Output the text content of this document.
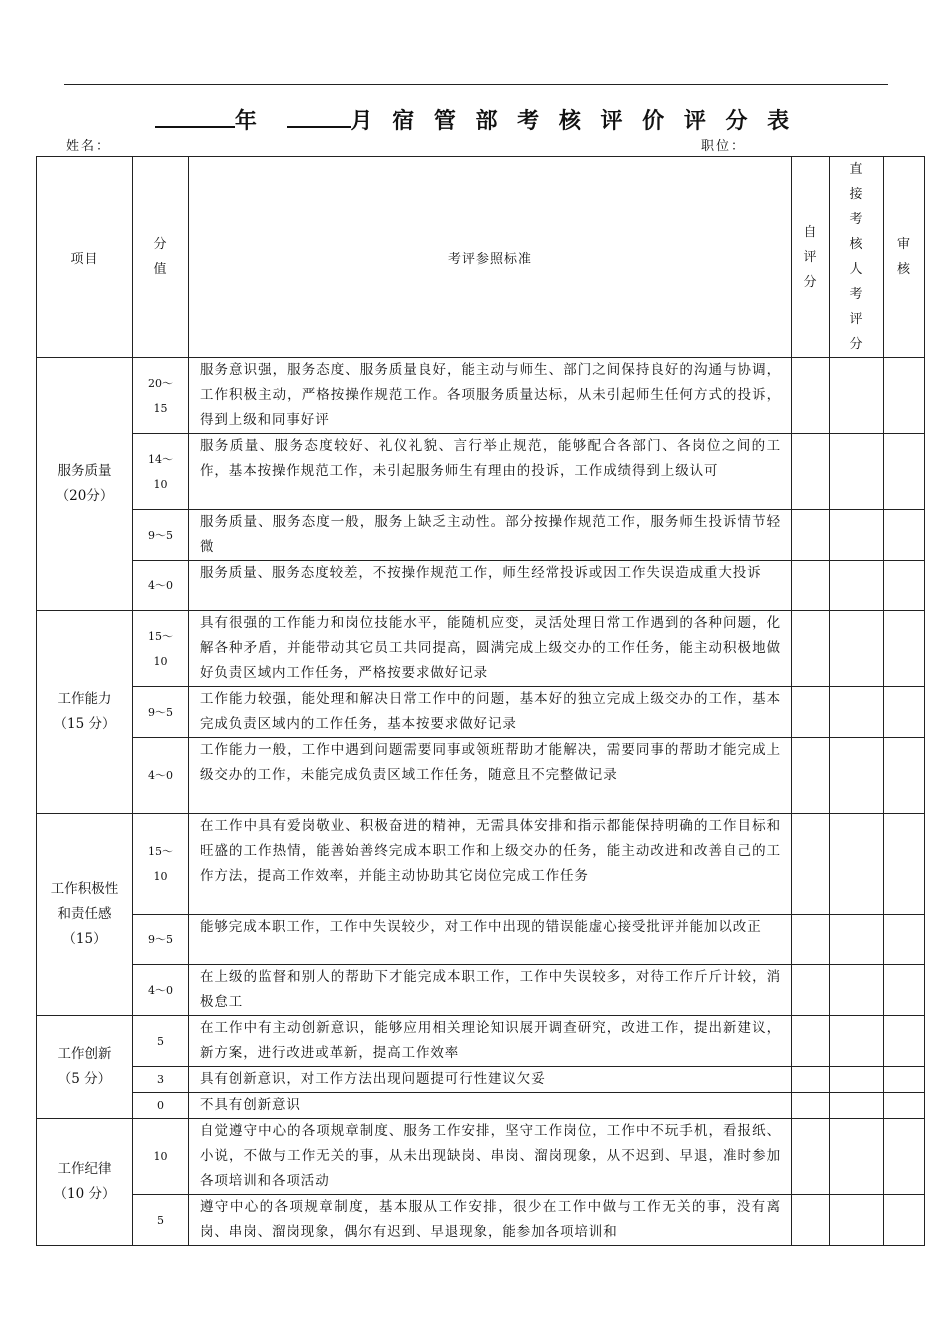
年	月 宿 管 部 考 核 评 价 评 分 表
姓名：	职位：
项目	分值	考评参照标准	自评分	直接考核人考评分	审核

服务质量（20分）	20～15	服务意识强，服务态度、服务质量良好，能主动与师生、部门之间保持良好的沟通与协调，工作积极主动，严格按操作规范工作。各项服务质量达标，从未引起师生任何方式的投诉，得到上级和同事好评			

	14～10	服务质量、服务态度较好、礼仪礼貌、言行举止规范，能够配合各部门、各岗位之间的工作，基本按操作规范工作，未引起服务师生有理由的投诉，工作成绩得到上级认可			

	9～5	服务质量、服务态度一般，服务上缺乏主动性。部分按操作规范工作，服务师生投诉情节轻微			

	4～0	服务质量、服务态度较差，不按操作规范工作，师生经常投诉或因工作失误造成重大投诉			

工作能力（15 分）	15～10	具有很强的工作能力和岗位技能水平，能随机应变，灵活处理日常工作遇到的各种问题，化解各种矛盾，并能带动其它员工共同提高，圆满完成上级交办的工作任务，能主动积极地做好负责区域内工作任务，严格按要求做好记录			

	9～5	工作能力较强，能处理和解决日常工作中的问题，基本好的独立完成上级交办的工作，基本完成负责区域内的工作任务，基本按要求做好记录			

	4～0	工作能力一般，工作中遇到问题需要同事或领班帮助才能解决，需要同事的帮助才能完成上级交办的工作，未能完成负责区域工作任务，随意且不完整做记录			

工作积极性和责任感（15）	15～10	在工作中具有爱岗敬业、积极奋进的精神，无需具体安排和指示都能保持明确的工作目标和旺盛的工作热情，能善始善终完成本职工作和上级交办的任务，能主动改进和改善自己的工作方法，提高工作效率，并能主动协助其它岗位完成工作任务			

	9～5	能够完成本职工作，工作中失误较少，对工作中出现的错误能虚心接受批评并能加以改正			

	4～0	在上级的监督和别人的帮助下才能完成本职工作，工作中失误较多，对待工作斤斤计较，消极怠工			

工作创新（5 分）	5	在工作中有主动创新意识，能够应用相关理论知识展开调查研究，改进工作，提出新建议，新方案，进行改进或革新，提高工作效率			

	3	具有创新意识，对工作方法出现问题提可行性建议欠妥			

	0	不具有创新意识			

工作纪律（10 分）	10	自觉遵守中心的各项规章制度、服务工作安排，坚守工作岗位，工作中不玩手机，看报纸、小说，不做与工作无关的事，从未出现缺岗、串岗、溜岗现象，从不迟到、早退，准时参加各项培训和各项活动			

	5	遵守中心的各项规章制度，基本服从工作安排，很少在工作中做与工作无关的事，没有离岗、串岗、溜岗现象，偶尔有迟到、早退现象，能参加各项培训和			
